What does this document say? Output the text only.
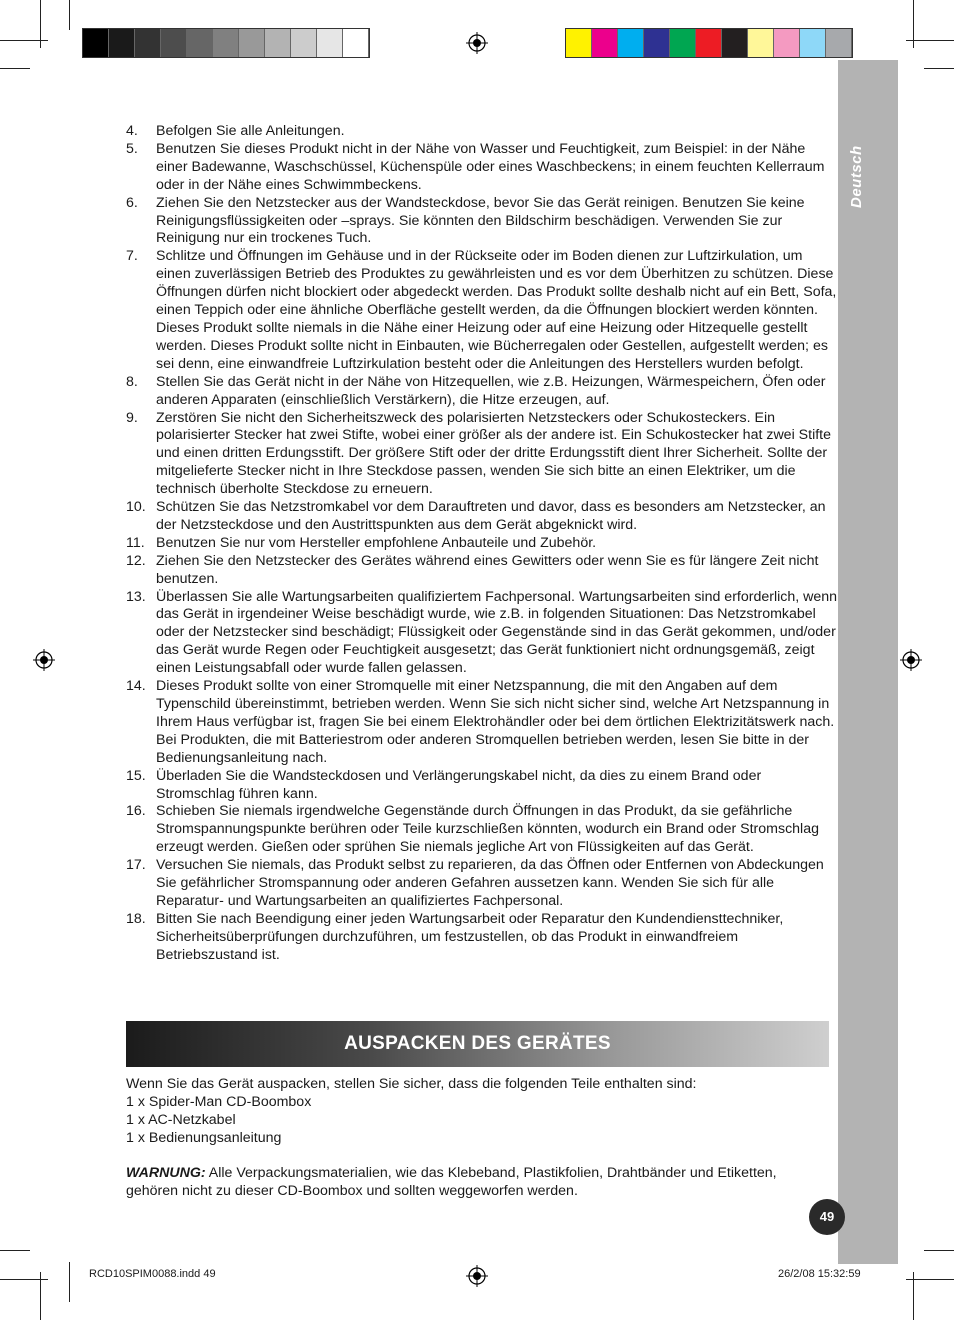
Deutsch
4. Befolgen Sie alle Anleitungen.
5. Benutzen Sie dieses Produkt nicht in der Nähe von Wasser und Feuchtigkeit, zum Beispiel: in der Nähe einer Badewanne, Waschschüssel, Küchenspüle oder eines Waschbeckens; in einem feuchten Kellerraum oder in der Nähe eines Schwimmbeckens.
6. Ziehen Sie den Netzstecker aus der Wandsteckdose, bevor Sie das Gerät reinigen. Benutzen Sie keine Reinigungsflüssigkeiten oder –sprays. Sie könnten den Bildschirm beschädigen. Verwenden Sie zur Reinigung nur ein trockenes Tuch.
7. Schlitze und Öffnungen im Gehäuse und in der Rückseite oder im Boden dienen zur Luftzirkulation, um einen zuverlässigen Betrieb des Produktes zu gewährleisten und es vor dem Überhitzen zu schützen. Diese Öffnungen dürfen nicht blockiert oder abgedeckt werden. Das Produkt sollte deshalb nicht auf ein Bett, Sofa, einen Teppich oder eine ähnliche Oberfläche gestellt werden, da die Öffnungen blockiert werden könnten. Dieses Produkt sollte niemals in die Nähe einer Heizung oder auf eine Heizung oder Hitzequelle gestellt werden. Dieses Produkt sollte nicht in Einbauten, wie Bücherregalen oder Gestellen, aufgestellt werden; es sei denn, eine einwandfreie Luftzirkulation besteht oder die Anleitungen des Herstellers wurden befolgt.
8. Stellen Sie das Gerät nicht in der Nähe von Hitzequellen, wie z.B. Heizungen, Wärmespeichern, Öfen oder anderen Apparaten (einschließlich Verstärkern), die Hitze erzeugen, auf.
9. Zerstören Sie nicht den Sicherheitszweck des polarisierten Netzsteckers oder Schukosteckers. Ein polarisierter Stecker hat zwei Stifte, wobei einer größer als der andere ist. Ein Schukostecker hat zwei Stifte und einen dritten Erdungsstift. Der größere Stift oder der dritte Erdungsstift dient Ihrer Sicherheit. Sollte der mitgelieferte Stecker nicht in Ihre Steckdose passen, wenden Sie sich bitte an einen Elektriker, um die technisch überholte Steckdose zu erneuern.
10. Schützen Sie das Netzstromkabel vor dem Darauftreten und davor, dass es besonders am Netzstecker, an der Netzsteckdose und den Austrittspunkten aus dem Gerät abgeknickt wird.
11. Benutzen Sie nur vom Hersteller empfohlene Anbauteile und Zubehör.
12. Ziehen Sie den Netzstecker des Gerätes während eines Gewitters oder wenn Sie es für längere Zeit nicht benutzen.
13. Überlassen Sie alle Wartungsarbeiten qualifiziertem Fachpersonal. Wartungsarbeiten sind erforderlich, wenn das Gerät in irgendeiner Weise beschädigt wurde, wie z.B. in folgenden Situationen: Das Netzstromkabel oder der Netzstecker sind beschädigt; Flüssigkeit oder Gegenstände sind in das Gerät gekommen, und/oder das Gerät wurde Regen oder Feuchtigkeit ausgesetzt; das Gerät funktioniert nicht ordnungsgemäß, zeigt einen Leistungsabfall oder wurde fallen gelassen.
14. Dieses Produkt sollte von einer Stromquelle mit einer Netzspannung, die mit den Angaben auf dem Typenschild übereinstimmt, betrieben werden. Wenn Sie sich nicht sicher sind, welche Art Netzspannung in Ihrem Haus verfügbar ist, fragen Sie bei einem Elektrohändler oder bei dem örtlichen Elektrizitätswerk nach. Bei Produkten, die mit Batteriestrom oder anderen Stromquellen betrieben werden, lesen Sie bitte in der Bedienungsanleitung nach.
15. Überladen Sie die Wandsteckdosen und Verlängerungskabel nicht, da dies zu einem Brand oder Stromschlag führen kann.
16. Schieben Sie niemals irgendwelche Gegenstände durch Öffnungen in das Produkt, da sie gefährliche Stromspannungspunkte berühren oder Teile kurzschließen könnten, wodurch ein Brand oder Stromschlag erzeugt werden. Gießen oder sprühen Sie niemals jegliche Art von Flüssigkeiten auf das Gerät.
17. Versuchen Sie niemals, das Produkt selbst zu reparieren, da das Öffnen oder Entfernen von Abdeckungen Sie gefährlicher Stromspannung oder anderen Gefahren aussetzen kann. Wenden Sie sich für alle Reparatur- und Wartungsarbeiten an qualifiziertes Fachpersonal.
18. Bitten Sie nach Beendigung einer jeden Wartungsarbeit oder Reparatur den Kundendiensttechniker, Sicherheitsüberprüfungen durchzuführen, um festzustellen, ob das Produkt in einwandfreiem Betriebszustand ist.
AUSPACKEN DES GERÄTES

Wenn Sie das Gerät auspacken, stellen Sie sicher, dass die folgenden Teile enthalten sind:

1 x Spider-Man CD-Boombox

1 x AC-Netzkabel

1 x Bedienungsanleitung

WARNUNG: Alle Verpackungsmaterialien, wie das Klebeband, Plastikfolien, Drahtbänder und Etiketten, gehören nicht zu dieser CD-Boombox und sollten weggeworfen werden.

49
RCD10SPIM0088.indd 49	26/2/08 15:32:59
